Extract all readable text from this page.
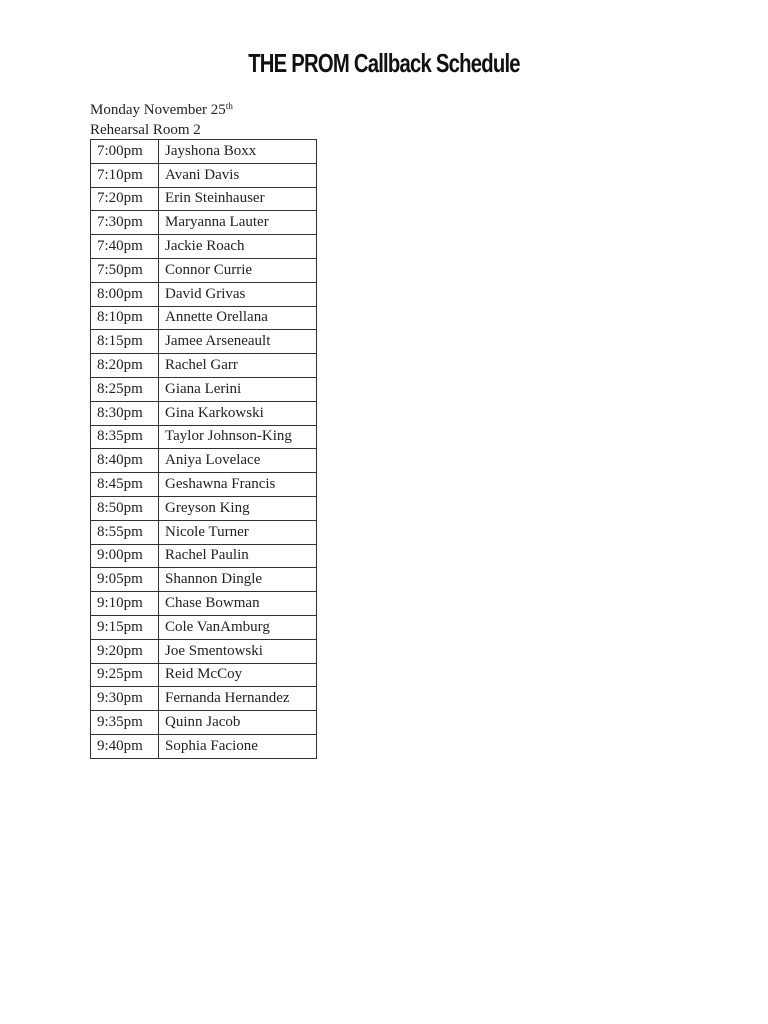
THE PROM Callback Schedule
Monday November 25th
Rehearsal Room 2
7:00pm	Jayshona Boxx
7:10pm	Avani Davis
7:20pm	Erin Steinhauser
7:30pm	Maryanna Lauter
7:40pm	Jackie Roach
7:50pm	Connor Currie
8:00pm	David Grivas
8:10pm	Annette Orellana
8:15pm	Jamee Arseneault
8:20pm	Rachel Garr
8:25pm	Giana Lerini
8:30pm	Gina Karkowski
8:35pm	Taylor Johnson-King
8:40pm	Aniya Lovelace
8:45pm	Geshawna Francis
8:50pm	Greyson King
8:55pm	Nicole Turner
9:00pm	Rachel Paulin
9:05pm	Shannon Dingle
9:10pm	Chase Bowman
9:15pm	Cole VanAmburg
9:20pm	Joe Smentowski
9:25pm	Reid McCoy
9:30pm	Fernanda Hernandez
9:35pm	Quinn Jacob
9:40pm	Sophia Facione
